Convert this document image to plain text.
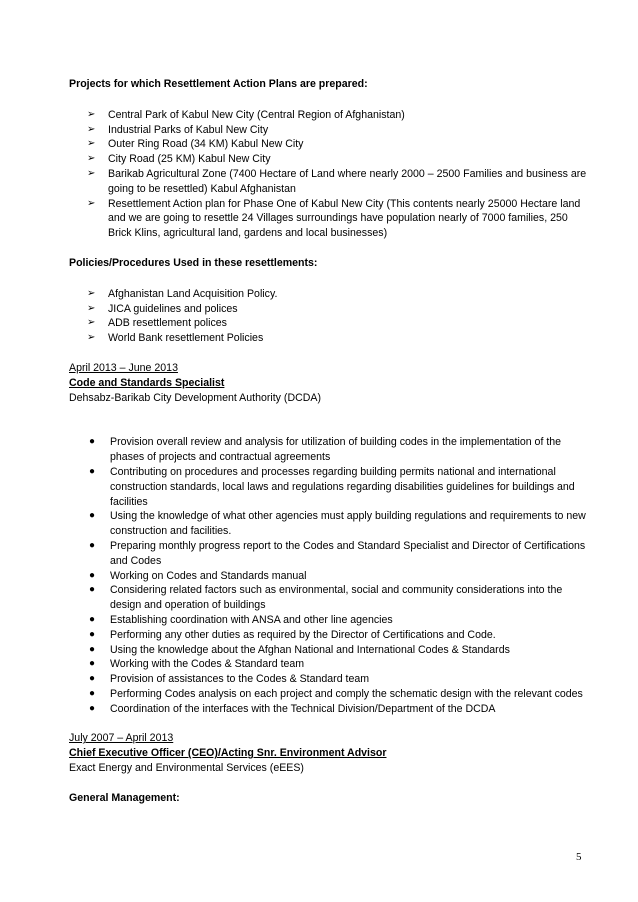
Projects for which Resettlement Action Plans are prepared:

➢ Central Park of Kabul New City (Central Region of Afghanistan)
➢ Industrial Parks of Kabul New City
➢ Outer Ring Road (34 KM) Kabul New City
➢ City Road (25 KM) Kabul New City
➢ Barikab Agricultural Zone (7400 Hectare of Land where nearly 2000 – 2500 Families and business are going to be resettled) Kabul Afghanistan
➢ Resettlement Action plan for Phase One of Kabul New City (This contents nearly 25000 Hectare land and we are going to resettle 24 Villages surroundings have population nearly of 7000 families, 250 Brick Klins, agricultural land, gardens and local businesses)

Policies/Procedures Used in these resettlements:

➢ Afghanistan Land Acquisition Policy.
➢ JICA guidelines and polices
➢ ADB resettlement polices
➢ World Bank resettlement Policies
April 2013 – June 2013
Code and Standards Specialist
Dehsabz-Barikab City Development Authority (DCDA)
● Provision overall review and analysis for utilization of building codes in the implementation of the phases of projects and contractual agreements
● Contributing on procedures and processes regarding building permits national and international construction standards, local laws and regulations regarding disabilities guidelines for buildings and facilities
● Using the knowledge of what other agencies must apply building regulations and requirements to new construction and facilities.
● Preparing monthly progress report to the Codes and Standard Specialist and Director of Certifications and Codes
● Working on Codes and Standards manual
● Considering related factors such as environmental, social and community considerations into the design and operation of buildings
● Establishing coordination with ANSA and other line agencies
● Performing any other duties as required by the Director of Certifications and Code.
● Using the knowledge about the Afghan National and International Codes & Standards
● Working with the Codes & Standard team
● Provision of assistances to the Codes & Standard team
● Performing Codes analysis on each project and comply the schematic design with the relevant codes
● Coordination of the interfaces with the Technical Division/Department of the DCDA
July 2007 – April 2013
Chief Executive Officer (CEO)/Acting Snr. Environment Advisor
Exact Energy and Environmental Services (eEES)

General Management:

5
